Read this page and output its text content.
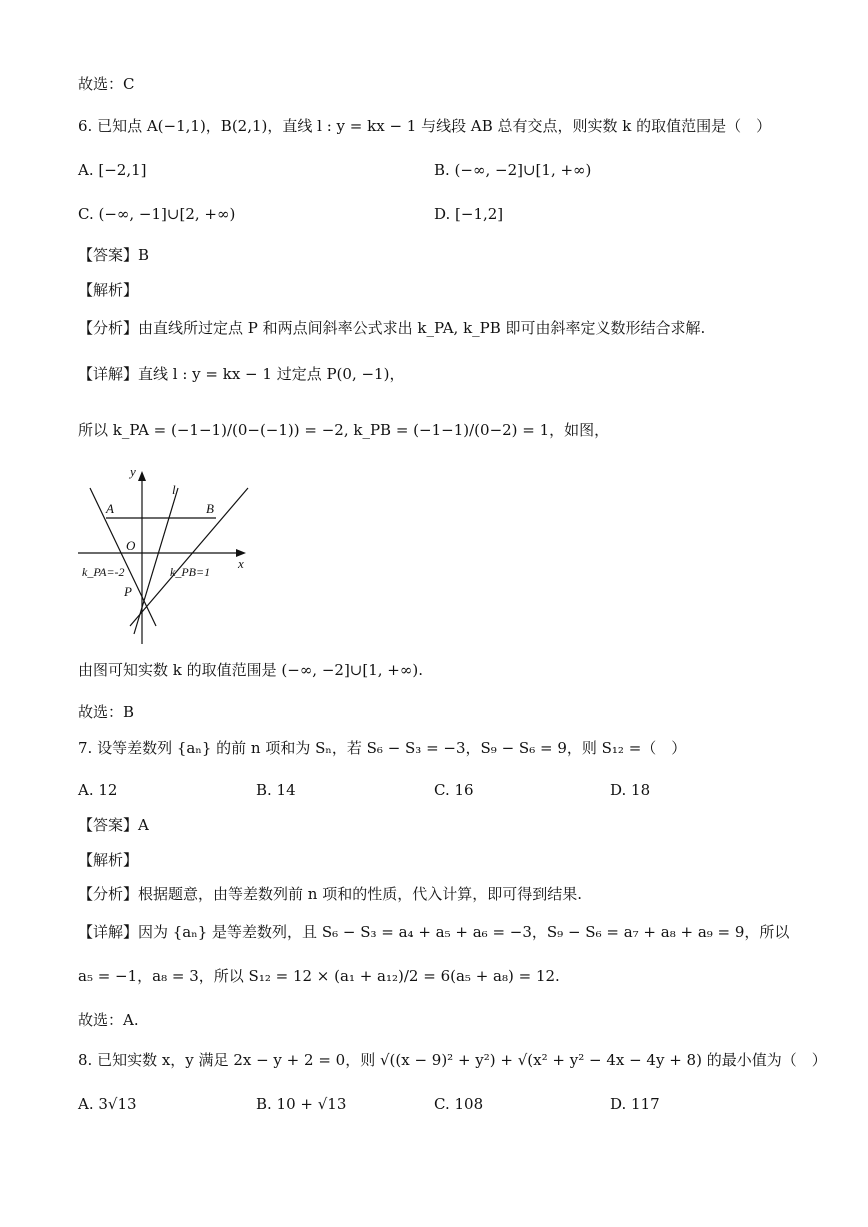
故选：C
6. 已知点 A(−1,1)，B(2,1)，直线 l : y = kx − 1 与线段 AB 总有交点，则实数 k 的取值范围是（　）
A. [−2,1]	B. (−∞, −2]∪[1, +∞)
C. (−∞, −1]∪[2, +∞)	D. [−1,2]
【答案】B
【解析】
【分析】由直线所过定点 P 和两点间斜率公式求出 k_PA, k_PB 即可由斜率定义数形结合求解.
【详解】直线 l : y = kx − 1 过定点 P(0, −1)，
所以 k_PA = (−1−1)/(0−(−1)) = −2, k_PB = (−1−1)/(0−2) = 1，如图，
y
x
l
A	B
O
P
k_PA=-2	k_PB=1
由图可知实数 k 的取值范围是 (−∞, −2]∪[1, +∞).
故选：B
7. 设等差数列 {aₙ} 的前 n 项和为 Sₙ，若 S₆ − S₃ = −3，S₉ − S₆ = 9，则 S₁₂ =（　）
A. 12	B. 14	C. 16	D. 18
【答案】A
【解析】
【分析】根据题意，由等差数列前 n 项和的性质，代入计算，即可得到结果.
【详解】因为 {aₙ} 是等差数列，且 S₆ − S₃ = a₄ + a₅ + a₆ = −3，S₉ − S₆ = a₇ + a₈ + a₉ = 9，所以
a₅ = −1，a₈ = 3，所以 S₁₂ = 12 × (a₁ + a₁₂)/2 = 6(a₅ + a₈) = 12.
故选：A.
8. 已知实数 x，y 满足 2x − y + 2 = 0，则 √((x − 9)² + y²) + √(x² + y² − 4x − 4y + 8) 的最小值为（　）
A. 3√13	B. 10 + √13	C. 108	D. 117
